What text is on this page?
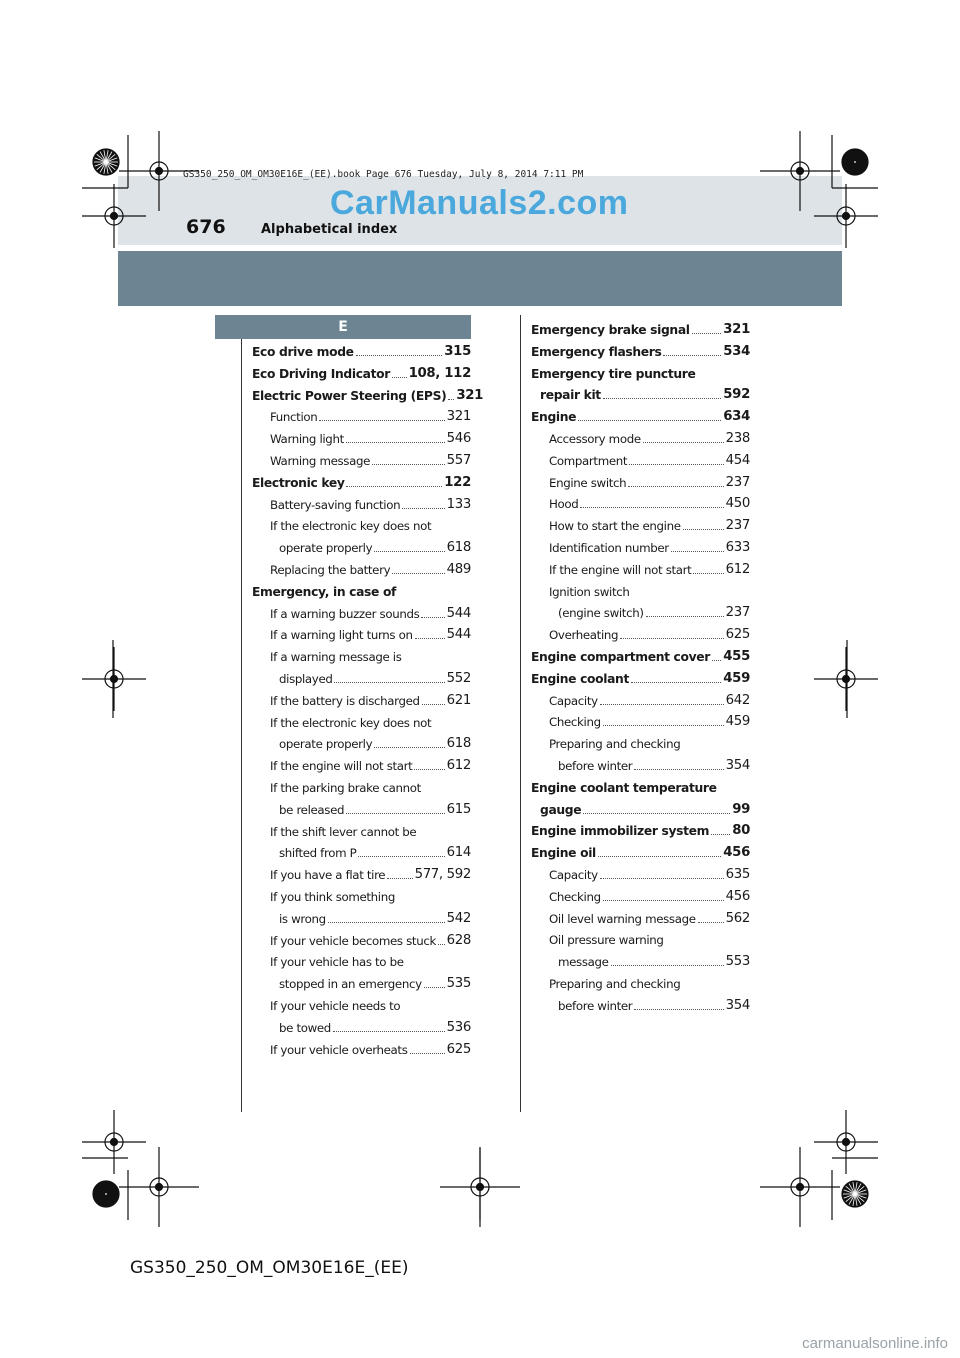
GS350_250_OM_OM30E16E_(EE).book Page 676 Tuesday, July 8, 2014 7:11 PM
CarManuals2.com
676	Alphabetical index
E
Eco drive mode	315
Eco Driving Indicator 108, 112
Electric Power Steering (EPS) 321
Function	321
Warning light	546
Warning message	557
Electronic key	122
Battery-saving function	133
If the electronic key does not
operate properly	618
Replacing the battery	489
Emergency, in case of
If a warning buzzer sounds 544
If a warning light turns on	544
If a warning message is
displayed	552
If the battery is discharged 621
If the electronic key does not
operate properly	618
If the engine will not start	612
If the parking brake cannot
be released	615
If the shift lever cannot be
shifted from P	614
If you have a flat tire 577, 592
If you think something
is wrong	542
If your vehicle becomes stuck 628
If your vehicle has to be
stopped in an emergency 535
If your vehicle needs to
be towed	536
If your vehicle overheats	625
Emergency brake signal	321
Emergency flashers	534
Emergency tire puncture
repair kit	592
Engine	634
Accessory mode	238
Compartment	454
Engine switch	237
Hood	450
How to start the engine	237
Identification number	633
If the engine will not start	612
Ignition switch
(engine switch)	237
Overheating	625
Engine compartment cover 455
Engine coolant	459
Capacity	642
Checking	459
Preparing and checking
before winter	354
Engine coolant temperature
gauge	99
Engine immobilizer system 80
Engine oil	456
Capacity	635
Checking	456
Oil level warning message 562
Oil pressure warning
message	553
Preparing and checking
before winter	354
GS350_250_OM_OM30E16E_(EE)
carmanualsonline.info
